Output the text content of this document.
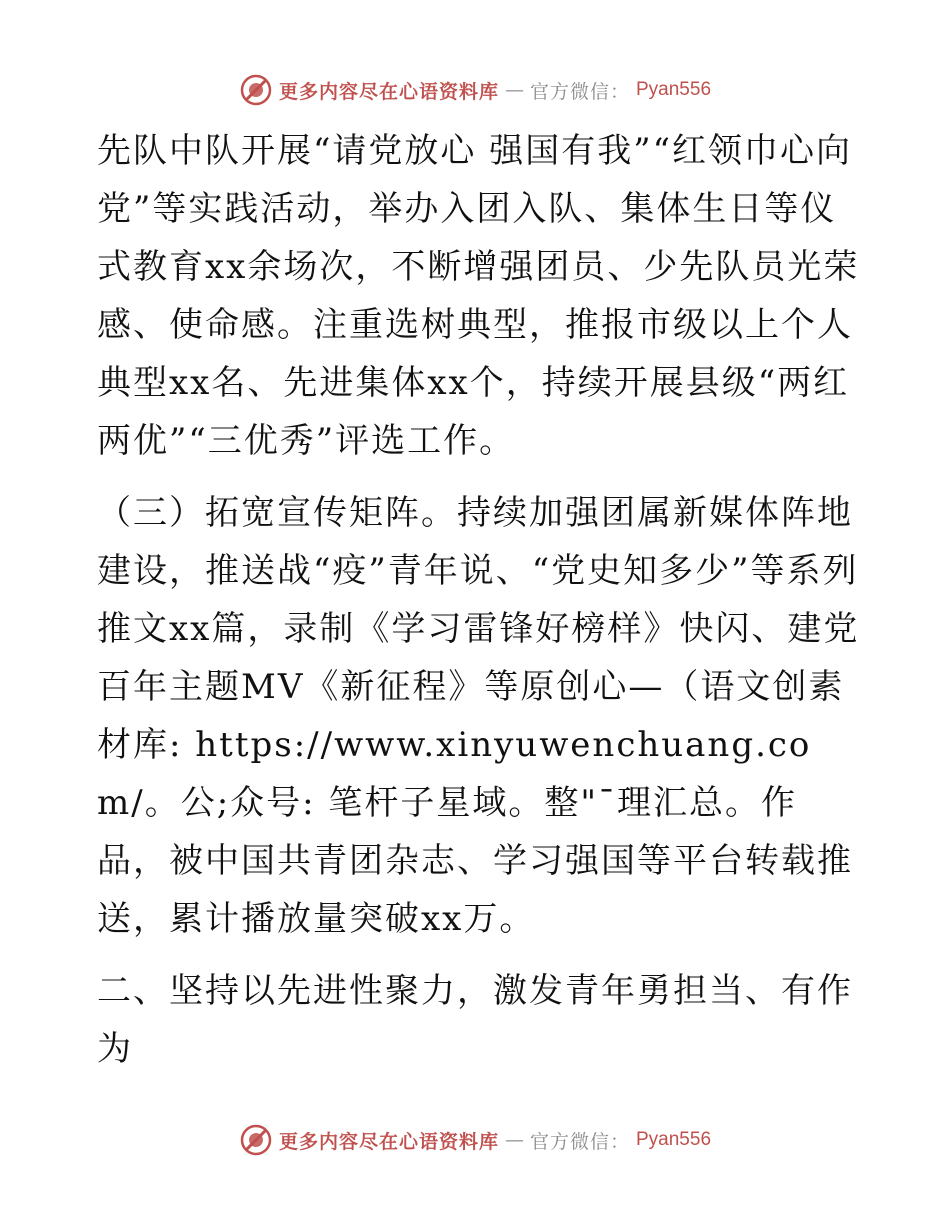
更多内容尽在心语资料库 — 官方微信： Pyan556

先队中队开展“请党放心 强国有我”“红领巾心向党”等实践活动，举办入团入队、集体生日等仪式教育xx余场次，不断增强团员、少先队员光荣感、使命感。注重选树典型，推报市级以上个人典型xx名、先进集体xx个，持续开展县级“两红两优”“三优秀”评选工作。

（三）拓宽宣传矩阵。持续加强团属新媒体阵地建设，推送战“疫”青年说、“党史知多少”等系列推文xx篇，录制《学习雷锋好榜样》快闪、建党百年主题MV《新征程》等原创心—（语文创素材库: https://www.xinyuwenchuang.com/。公;众号: 笔杆子星域。整"¯理汇总。作品，被中国共青团杂志、学习强国等平台转载推送，累计播放量突破xx万。

二、坚持以先进性聚力，激发青年勇担当、有作为

更多内容尽在心语资料库 — 官方微信： Pyan556
